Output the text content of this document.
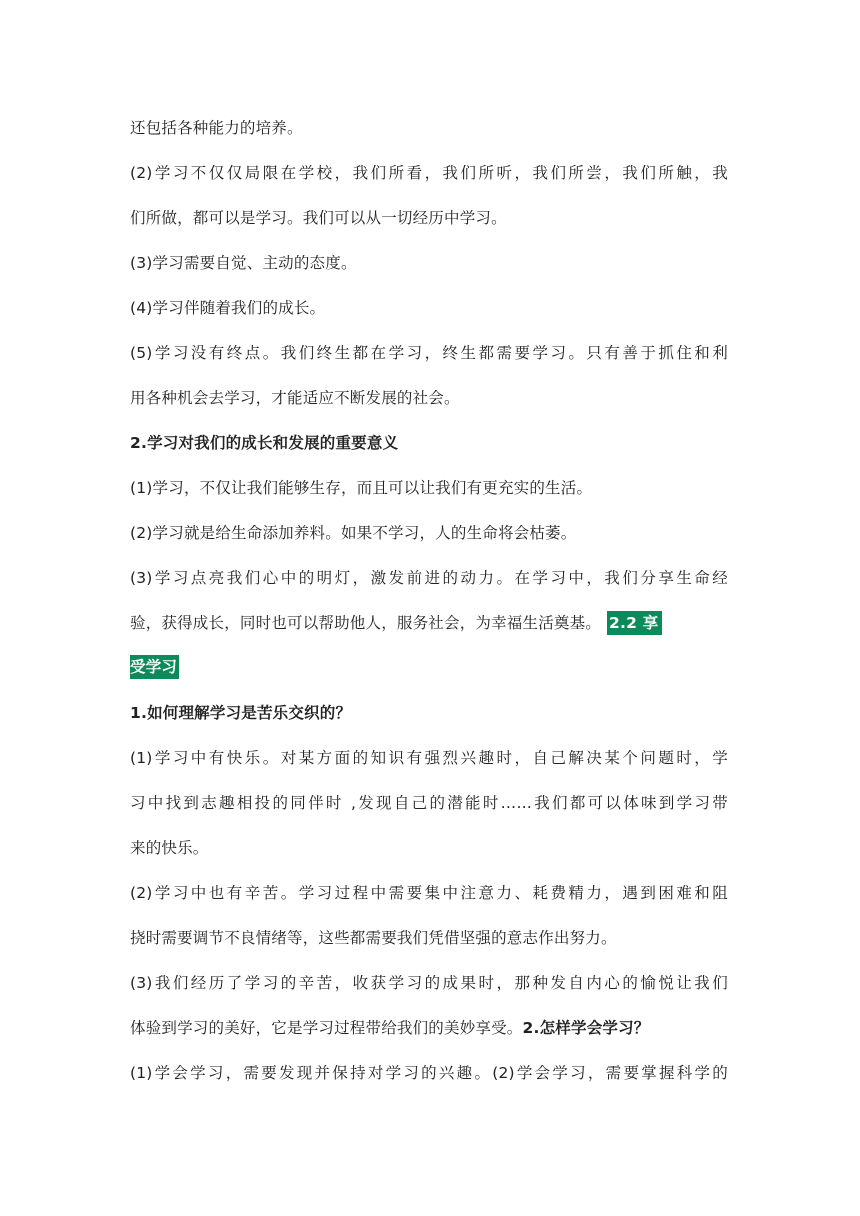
还包括各种能力的培养。
(2)学习不仅仅局限在学校，我们所看，我们所听，我们所尝，我们所触，我
们所做，都可以是学习。我们可以从一切经历中学习。
(3)学习需要自觉、主动的态度。
(4)学习伴随着我们的成长。
(5)学习没有终点。我们终生都在学习，终生都需要学习。只有善于抓住和利
用各种机会去学习，才能适应不断发展的社会。
2.学习对我们的成长和发展的重要意义
(1)学习，不仅让我们能够生存，而且可以让我们有更充实的生活。
(2)学习就是给生命添加养料。如果不学习，人的生命将会枯萎。
(3)学习点亮我们心中的明灯，激发前进的动力。在学习中，我们分享生命经
验，获得成长，同时也可以帮助他人，服务社会，为幸福生活奠基。 2.2 享
受学习
1.如何理解学习是苦乐交织的？
(1)学习中有快乐。对某方面的知识有强烈兴趣时，自己解决某个问题时，学
习中找到志趣相投的同伴时 ,发现自己的潜能时……我们都可以体味到学习带
来的快乐。
(2)学习中也有辛苦。学习过程中需要集中注意力、耗费精力，遇到困难和阻
挠时需要调节不良情绪等，这些都需要我们凭借坚强的意志作出努力。
(3)我们经历了学习的辛苦，收获学习的成果时，那种发自内心的愉悦让我们
体验到学习的美好，它是学习过程带给我们的美妙享受。2.怎样学会学习？
(1)学会学习，需要发现并保持对学习的兴趣。(2)学会学习，需要掌握科学的
